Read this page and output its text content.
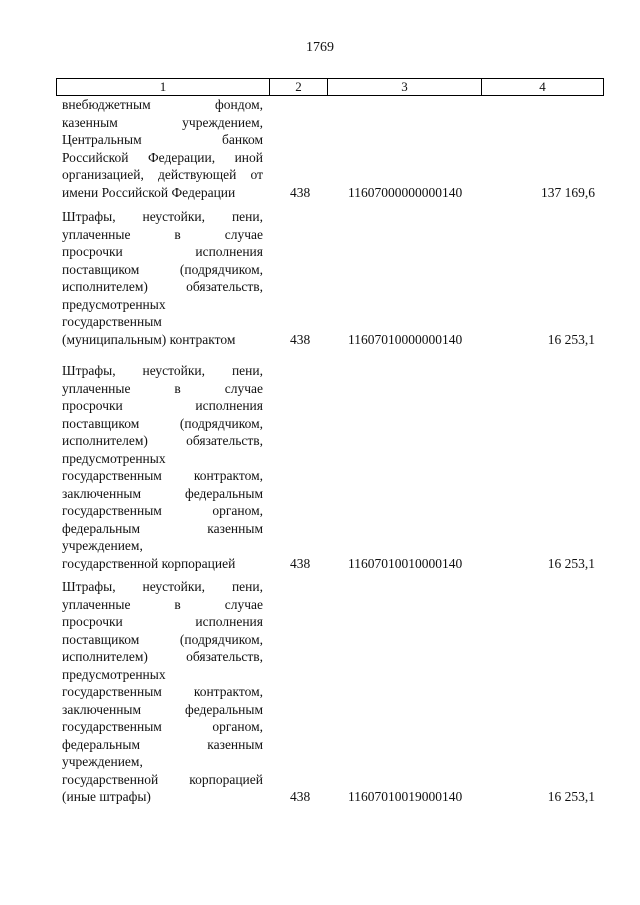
1769
1	2	3	4
внебюджетным фондом,
казенным учреждением,
Центральным банком
Российской Федерации, иной
организацией, действующей от
имени Российской Федерации	438	11607000000000140	137 169,6
Штрафы, неустойки, пени,
уплаченные в случае
просрочки исполнения
поставщиком (подрядчиком,
исполнителем) обязательств,
предусмотренных
государственным
(муниципальным) контрактом	438	11607010000000140	16 253,1
Штрафы, неустойки, пени,
уплаченные в случае
просрочки исполнения
поставщиком (подрядчиком,
исполнителем) обязательств,
предусмотренных
государственным контрактом,
заключенным федеральным
государственным органом,
федеральным казенным
учреждением,
государственной корпорацией	438	11607010010000140	16 253,1
Штрафы, неустойки, пени,
уплаченные в случае
просрочки исполнения
поставщиком (подрядчиком,
исполнителем) обязательств,
предусмотренных
государственным контрактом,
заключенным федеральным
государственным органом,
федеральным казенным
учреждением,
государственной корпорацией
(иные штрафы)	438	11607010019000140	16 253,1
